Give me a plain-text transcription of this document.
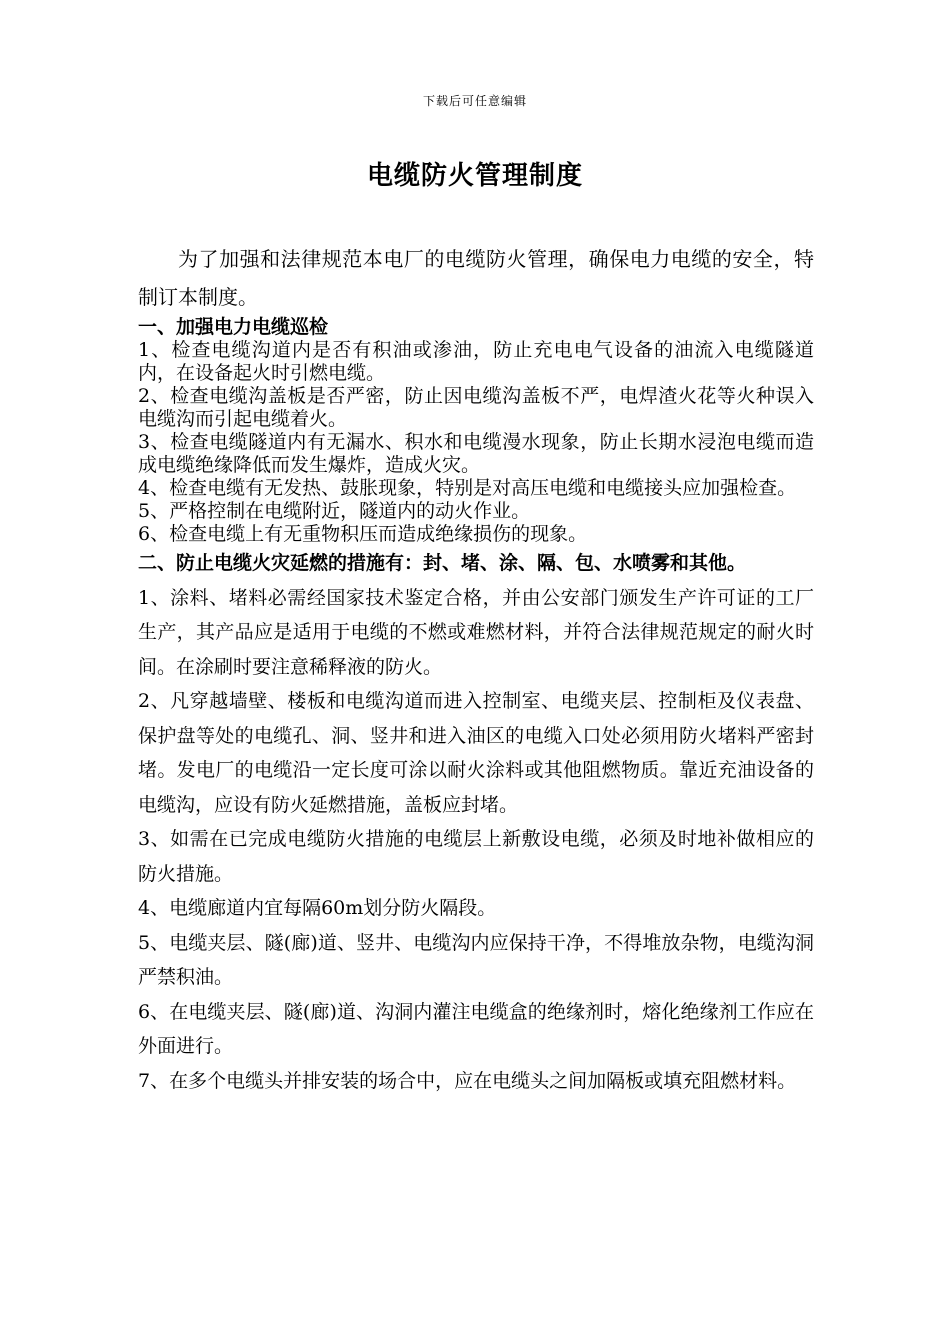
下载后可任意编辑
电缆防火管理制度

为了加强和法律规范本电厂的电缆防火管理，确保电力电缆的安全，特制订本制度。

一、加强电力电缆巡检

1、检查电缆沟道内是否有积油或渗油，防止充电电气设备的油流入电缆隧道内，在设备起火时引燃电缆。

2、检查电缆沟盖板是否严密，防止因电缆沟盖板不严，电焊渣火花等火种误入电缆沟而引起电缆着火。

3、检查电缆隧道内有无漏水、积水和电缆漫水现象，防止长期水浸泡电缆而造成电缆绝缘降低而发生爆炸，造成火灾。

4、检查电缆有无发热、鼓胀现象，特别是对高压电缆和电缆接头应加强检查。

5、严格控制在电缆附近，隧道内的动火作业。

6、检查电缆上有无重物积压而造成绝缘损伤的现象。

二、防止电缆火灾延燃的措施有：封、堵、涂、隔、包、水喷雾和其他。

1、涂料、堵料必需经国家技术鉴定合格，并由公安部门颁发生产许可证的工厂生产，其产品应是适用于电缆的不燃或难燃材料，并符合法律规范规定的耐火时间。在涂刷时要注意稀释液的防火。

2、凡穿越墙壁、楼板和电缆沟道而进入控制室、电缆夹层、控制柜及仪表盘、保护盘等处的电缆孔、洞、竖井和进入油区的电缆入口处必须用防火堵料严密封堵。发电厂的电缆沿一定长度可涂以耐火涂料或其他阻燃物质。靠近充油设备的电缆沟，应设有防火延燃措施，盖板应封堵。

3、如需在已完成电缆防火措施的电缆层上新敷设电缆，必须及时地补做相应的防火措施。

4、电缆廊道内宜每隔60m划分防火隔段。

5、电缆夹层、隧(廊)道、竖井、电缆沟内应保持干净，不得堆放杂物，电缆沟洞严禁积油。

6、在电缆夹层、隧(廊)道、沟洞内灌注电缆盒的绝缘剂时，熔化绝缘剂工作应在外面进行。

7、在多个电缆头并排安装的场合中，应在电缆头之间加隔板或填充阻燃材料。
